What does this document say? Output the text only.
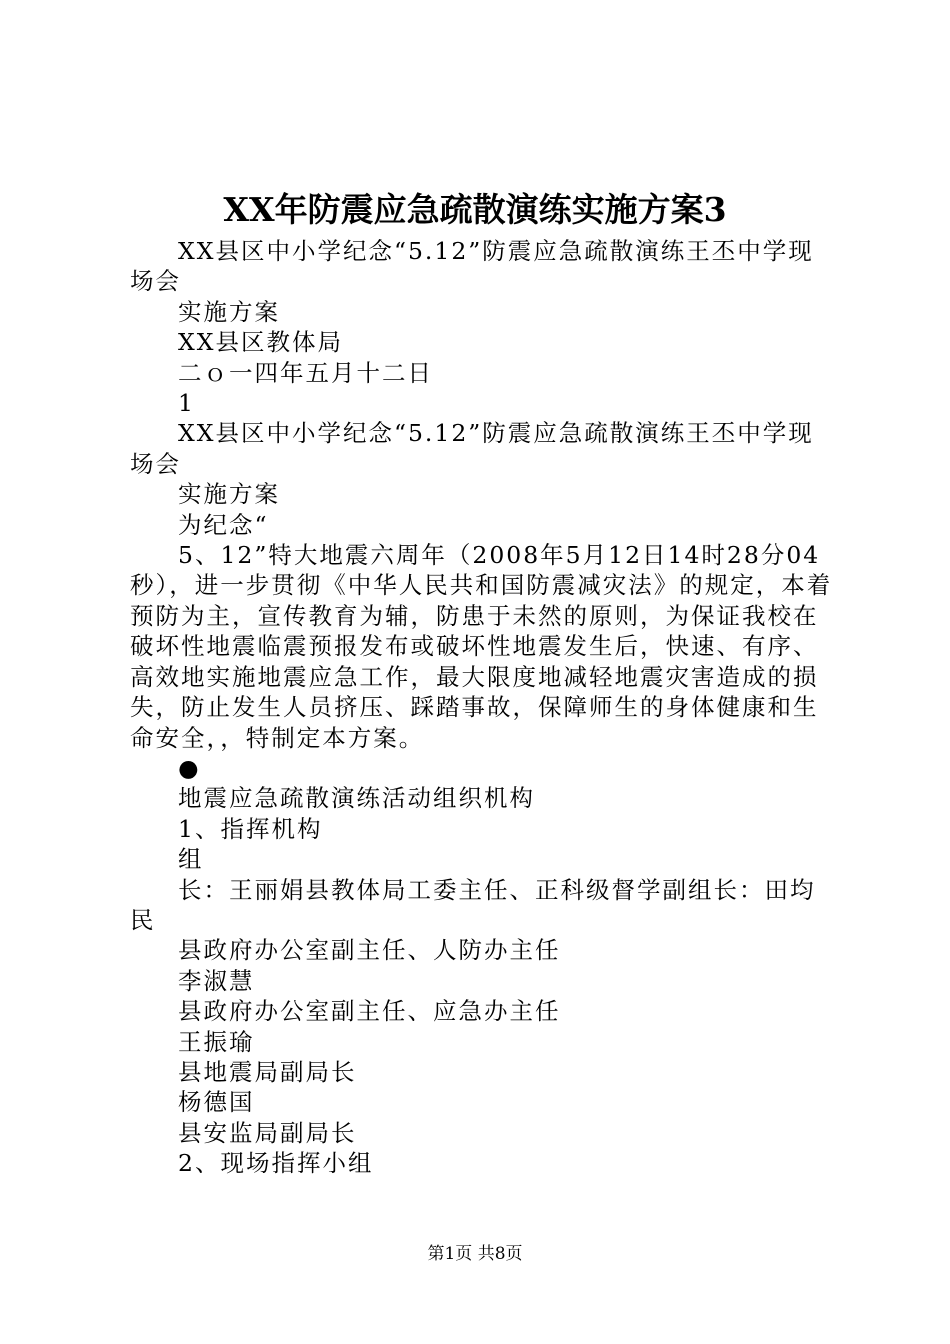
XX年防震应急疏散演练实施方案3

XX县区中小学纪念“5.12”防震应急疏散演练王丕中学现场会

实施方案

XX县区教体局

二ｏ一四年五月十二日

1

XX县区中小学纪念“5.12”防震应急疏散演练王丕中学现场会

实施方案

为纪念“

5、12”特大地震六周年（2008年5月12日14时28分04秒），进一步贯彻《中华人民共和国防震减灾法》的规定，本着预防为主，宣传教育为辅，防患于未然的原则，为保证我校在破坏性地震临震预报发布或破坏性地震发生后，快速、有序、高效地实施地震应急工作，最大限度地减轻地震灾害造成的损失，防止发生人员挤压、踩踏事故，保障师生的身体健康和生命安全，，特制定本方案。

●

地震应急疏散演练活动组织机构

1、指挥机构

组

长：王丽娟县教体局工委主任、正科级督学副组长：田均民

县政府办公室副主任、人防办主任

李淑慧

县政府办公室副主任、应急办主任

王振瑜

县地震局副局长

杨德国

县安监局副局长

2、现场指挥小组

第1页 共8页
